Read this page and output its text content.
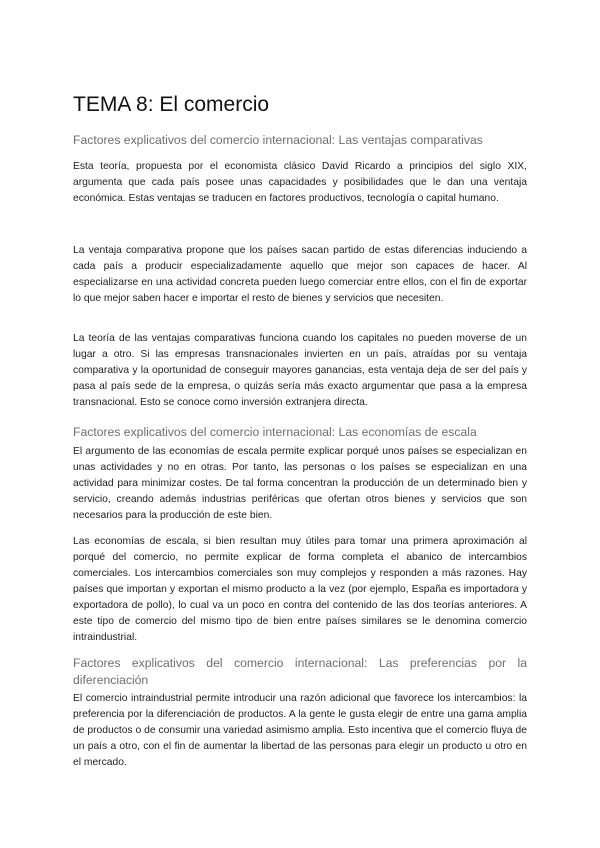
TEMA 8: El comercio
Factores explicativos del comercio internacional: Las ventajas comparativas

Esta teoría, propuesta por el economista clásico David Ricardo a principios del siglo XIX, argumenta que cada país posee unas capacidades y posibilidades que le dan una ventaja económica. Estas ventajas se traducen en factores productivos, tecnología o capital humano.

La ventaja comparativa propone que los países sacan partido de estas diferencias induciendo a cada país a producir especializadamente aquello que mejor son capaces de hacer. Al especializarse en una actividad concreta pueden luego comerciar entre ellos, con el fin de exportar lo que mejor saben hacer e importar el resto de bienes y servicios que necesiten.

La teoría de las ventajas comparativas funciona cuando los capitales no pueden moverse de un lugar a otro. Si las empresas transnacionales invierten en un país, atraídas por su ventaja comparativa y la oportunidad de conseguir mayores ganancias, esta ventaja deja de ser del país y pasa al país sede de la empresa, o quizás sería más exacto argumentar que pasa a la empresa transnacional. Esto se conoce como inversión extranjera directa.

Factores explicativos del comercio internacional: Las economías de escala

El argumento de las economías de escala permite explicar porqué unos países se especializan en unas actividades y no en otras. Por tanto, las personas o los países se especializan en una actividad para minimizar costes. De tal forma concentran la producción de un determinado bien y servicio, creando además industrias periféricas que ofertan otros bienes y servicios que son necesarios para la producción de este bien.

Las economías de escala, si bien resultan muy útiles para tomar una primera aproximación al porqué del comercio, no permite explicar de forma completa el abanico de intercambios comerciales. Los intercambios comerciales son muy complejos y responden a más razones. Hay países que importan y exportan el mismo producto a la vez (por ejemplo, España es importadora y exportadora de pollo), lo cual va un poco en contra del contenido de las dos teorías anteriores. A este tipo de comercio del mismo tipo de bien entre países similares se le denomina comercio intraindustrial.

Factores explicativos del comercio internacional: Las preferencias por la diferenciación

El comercio intraindustrial permite introducir una razón adicional que favorece los intercambios: la preferencia por la diferenciación de productos. A la gente le gusta elegir de entre una gama amplia de productos o de consumir una variedad asimismo amplia. Esto incentiva que el comercio fluya de un país a otro, con el fin de aumentar la libertad de las personas para elegir un producto u otro en el mercado.
